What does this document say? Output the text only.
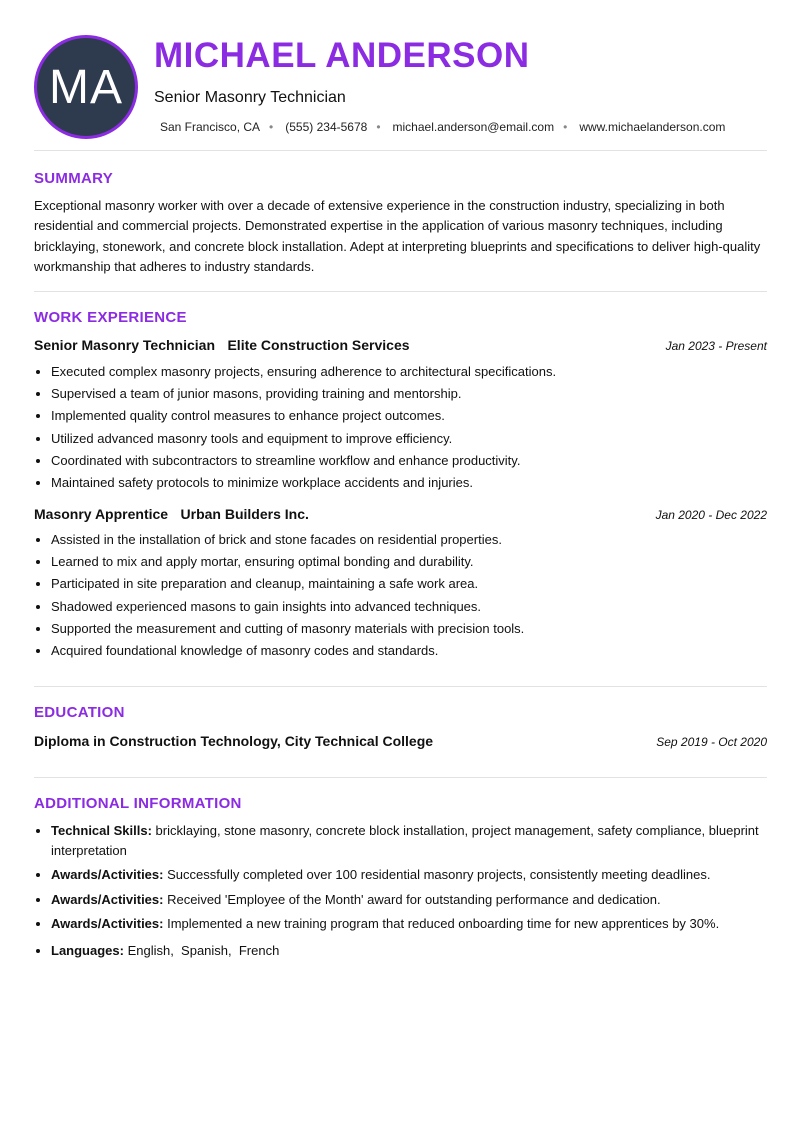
MA
MICHAEL ANDERSON
Senior Masonry Technician
San Francisco, CA • (555) 234-5678 • michael.anderson@email.com • www.michaelanderson.com
SUMMARY

Exceptional masonry worker with over a decade of extensive experience in the construction industry, specializing in both residential and commercial projects. Demonstrated expertise in the application of various masonry techniques, including bricklaying, stonework, and concrete block installation. Adept at interpreting blueprints and specifications to deliver high-quality workmanship that adheres to industry standards.

WORK EXPERIENCE
Senior Masonry Technician Elite Construction Services	Jan 2023 - Present
• Executed complex masonry projects, ensuring adherence to architectural specifications.
• Supervised a team of junior masons, providing training and mentorship.
• Implemented quality control measures to enhance project outcomes.
• Utilized advanced masonry tools and equipment to improve efficiency.
• Coordinated with subcontractors to streamline workflow and enhance productivity.
• Maintained safety protocols to minimize workplace accidents and injuries.
Masonry Apprentice Urban Builders Inc.	Jan 2020 - Dec 2022
• Assisted in the installation of brick and stone facades on residential properties.
• Learned to mix and apply mortar, ensuring optimal bonding and durability.
• Participated in site preparation and cleanup, maintaining a safe work area.
• Shadowed experienced masons to gain insights into advanced techniques.
• Supported the measurement and cutting of masonry materials with precision tools.
• Acquired foundational knowledge of masonry codes and standards.
EDUCATION
Diploma in Construction Technology, City Technical College	Sep 2019 - Oct 2020
ADDITIONAL INFORMATION
• Technical Skills: bricklaying, stone masonry, concrete block installation, project management, safety compliance, blueprint interpretation
• Awards/Activities: Successfully completed over 100 residential masonry projects, consistently meeting deadlines.
• Awards/Activities: Received 'Employee of the Month' award for outstanding performance and dedication.
• Awards/Activities: Implemented a new training program that reduced onboarding time for new apprentices by 30%.
• Languages: English,  Spanish,  French
